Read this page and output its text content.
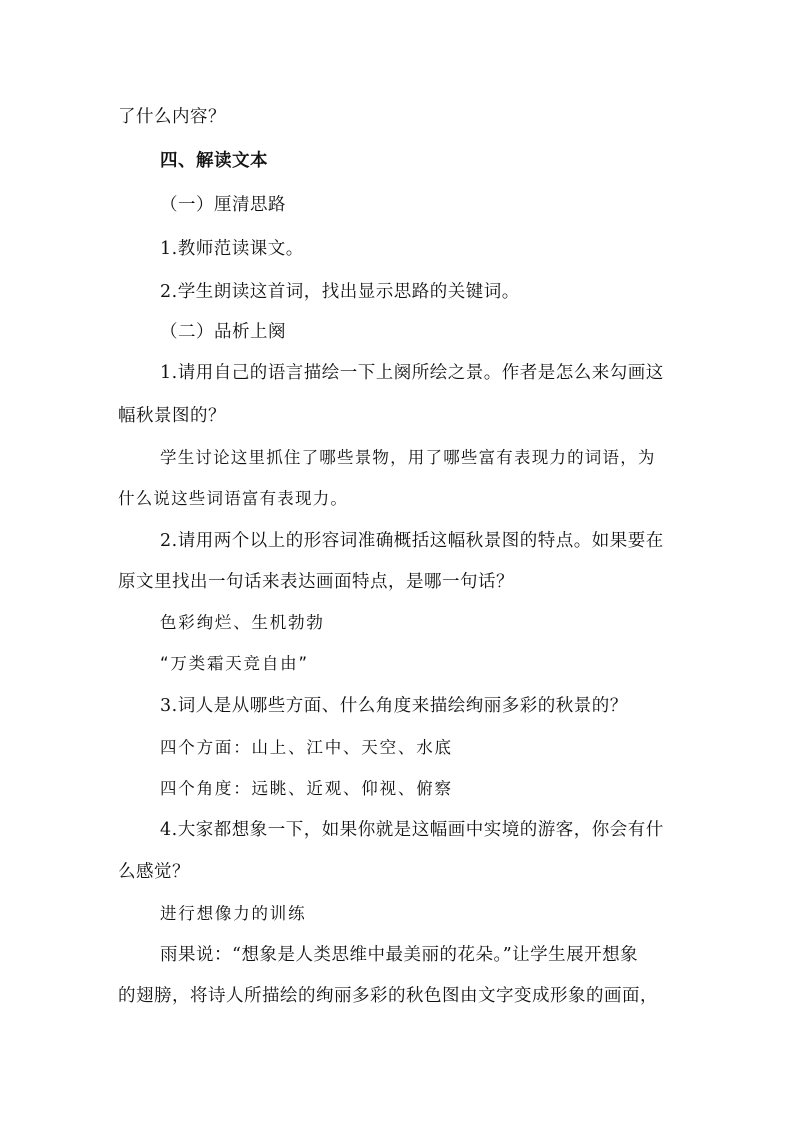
了什么内容？
四、解读文本
（一）厘清思路
1.教师范读课文。
2.学生朗读这首词，找出显示思路的关键词。
（二）品析上阕
1.请用自己的语言描绘一下上阕所绘之景。作者是怎么来勾画这
幅秋景图的？
学生讨论这里抓住了哪些景物，用了哪些富有表现力的词语，为
什么说这些词语富有表现力。
2.请用两个以上的形容词准确概括这幅秋景图的特点。如果要在
原文里找出一句话来表达画面特点，是哪一句话？
色彩绚烂、生机勃勃
“万类霜天竞自由”
3.词人是从哪些方面、什么角度来描绘绚丽多彩的秋景的？
四个方面：山上、江中、天空、水底
四个角度：远眺、近观、仰视、俯察
4.大家都想象一下，如果你就是这幅画中实境的游客，你会有什
么感觉？
进行想像力的训练
雨果说：“想象是人类思维中最美丽的花朵。”让学生展开想象
的翅膀，将诗人所描绘的绚丽多彩的秋色图由文字变成形象的画面，
